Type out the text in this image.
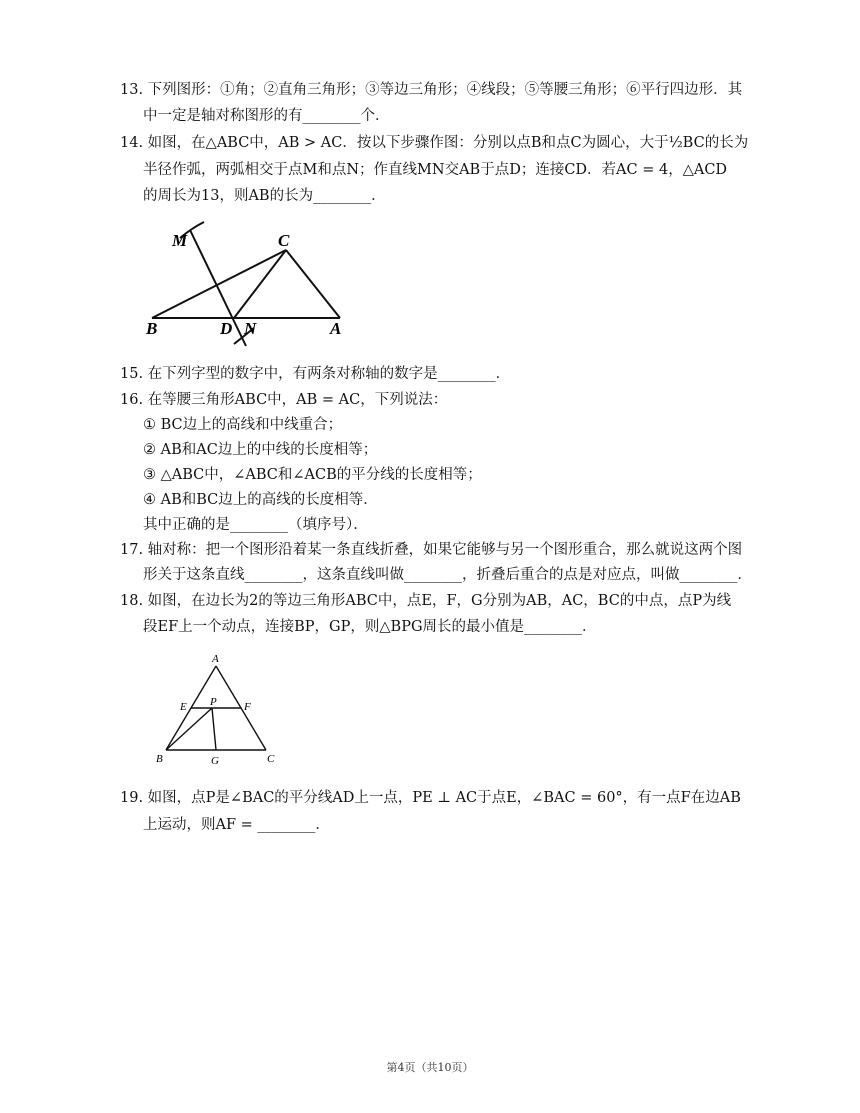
13. 下列图形：①角；②直角三角形；③等边三角形；④线段；⑤等腰三角形；⑥平行四边形．其
中一定是轴对称图形的有________个．
14. 如图，在△ABC中，AB > AC．按以下步骤作图：分别以点B和点C为圆心，大于½BC的长为
半径作弧，两弧相交于点M和点N；作直线MN交AB于点D；连接CD．若AC = 4，△ACD
的周长为13，则AB的长为________．
M	C
B	D N	A
15. 在下列字型的数字中，有两条对称轴的数字是________．
16. 在等腰三角形ABC中，AB = AC，下列说法：
① BC边上的高线和中线重合；
② AB和AC边上的中线的长度相等；
③ △ABC中，∠ABC和∠ACB的平分线的长度相等；
④ AB和BC边上的高线的长度相等．
其中正确的是________（填序号）．
17. 轴对称：把一个图形沿着某一条直线折叠，如果它能够与另一个图形重合，那么就说这两个图
形关于这条直线________，这条直线叫做________，折叠后重合的点是对应点，叫做________．
18. 如图，在边长为2的等边三角形ABC中，点E，F，G分别为AB，AC，BC的中点，点P为线
段EF上一个动点，连接BP，GP，则△BPG周长的最小值是________．
A
E P F
B	G	C
19. 如图，点P是∠BAC的平分线AD上一点，PE ⊥ AC于点E，∠BAC = 60°，有一点F在边AB
上运动，则AF = ________．
第4页（共10页）
